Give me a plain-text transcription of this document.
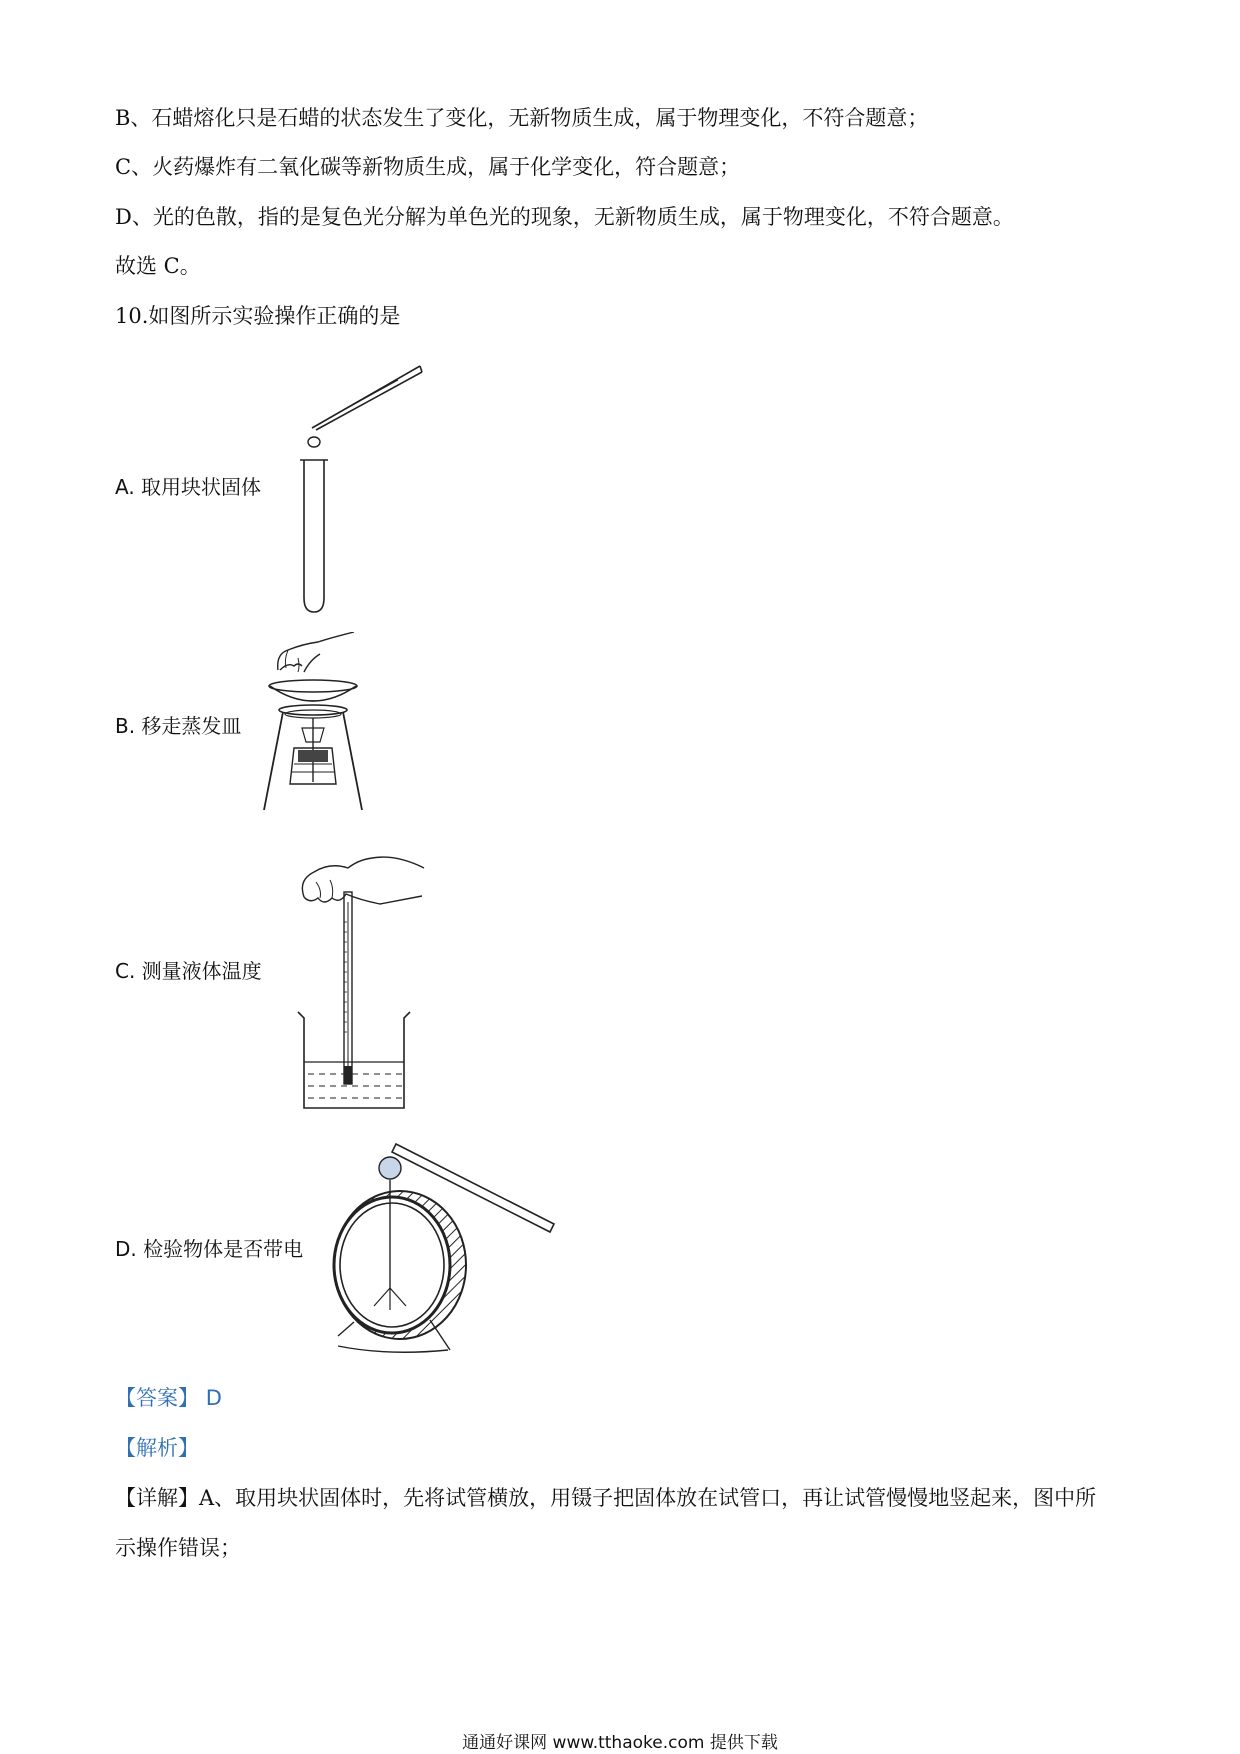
B、石蜡熔化只是石蜡的状态发生了变化，无新物质生成，属于物理变化，不符合题意；
C、火药爆炸有二氧化碳等新物质生成，属于化学变化，符合题意；
D、光的色散，指的是复色光分解为单色光的现象，无新物质生成，属于物理变化，不符合题意。
故选 C。
10.如图所示实验操作正确的是
A. 取用块状固体
B. 移走蒸发皿
C. 测量液体温度
D. 检验物体是否带电
【答案】 D
【解析】
【详解】A、取用块状固体时，先将试管横放，用镊子把固体放在试管口，再让试管慢慢地竖起来，图中所
示操作错误；
通通好课网 www.tthaoke.com 提供下载
